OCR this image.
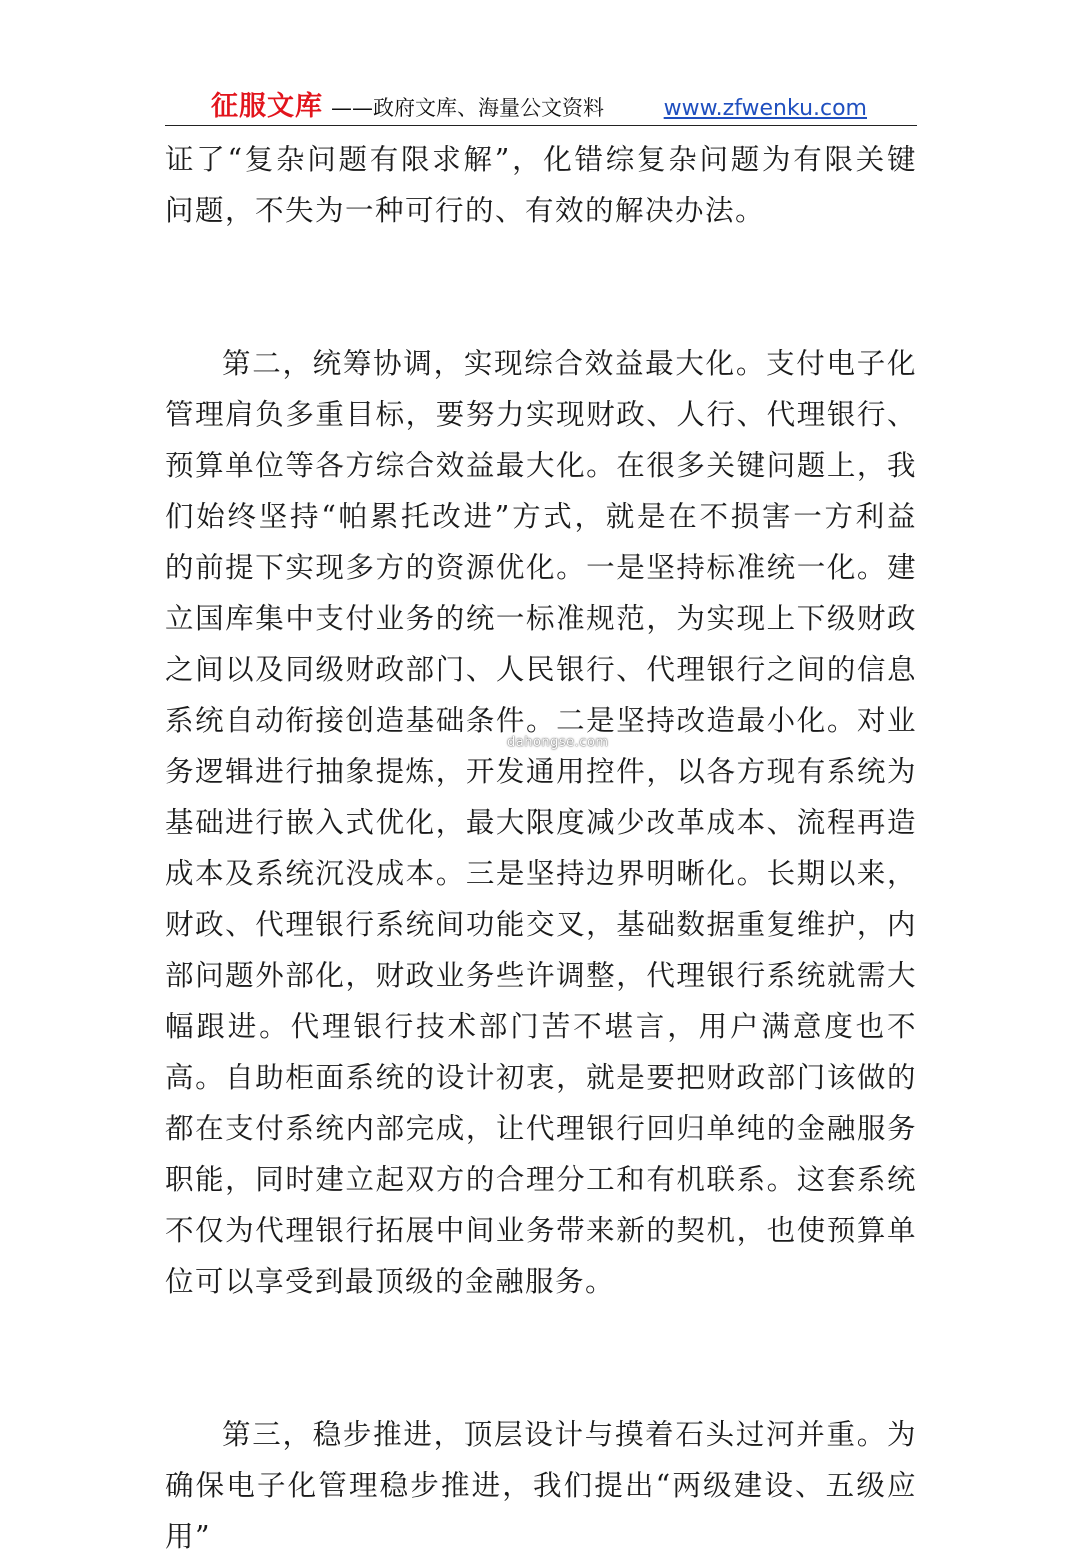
征服文库 ——政府文库、海量公文资料	www.zfwenku.com

证了“复杂问题有限求解”，化错综复杂问题为有限关键问题，不失为一种可行的、有效的解决办法。

第二，统筹协调，实现综合效益最大化。支付电子化管理肩负多重目标，要努力实现财政、人行、代理银行、预算单位等各方综合效益最大化。在很多关键问题上，我们始终坚持“帕累托改进”方式，就是在不损害一方利益的前提下实现多方的资源优化。一是坚持标准统一化。建立国库集中支付业务的统一标准规范，为实现上下级财政之间以及同级财政部门、人民银行、代理银行之间的信息系统自动衔接创造基础条件。二是坚持改造最小化。对业务逻辑进行抽象提炼，开发通用控件，以各方现有系统为基础进行嵌入式优化，最大限度减少改革成本、流程再造成本及系统沉没成本。三是坚持边界明晰化。长期以来，财政、代理银行系统间功能交叉，基础数据重复维护，内部问题外部化，财政业务些许调整，代理银行系统就需大幅跟进。代理银行技术部门苦不堪言，用户满意度也不高。自助柜面系统的设计初衷，就是要把财政部门该做的都在支付系统内部完成，让代理银行回归单纯的金融服务职能，同时建立起双方的合理分工和有机联系。这套系统不仅为代理银行拓展中间业务带来新的契机，也使预算单位可以享受到最顶级的金融服务。

第三，稳步推进，顶层设计与摸着石头过河并重。为确保电子化管理稳步推进，我们提出“两级建设、五级应用”

dahongse.com
